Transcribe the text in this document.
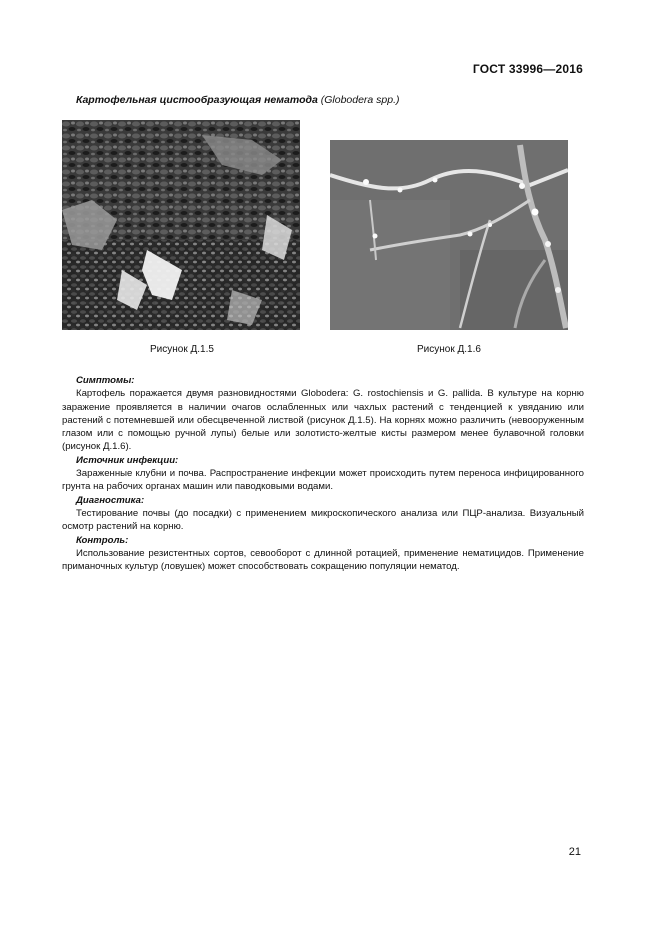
ГОСТ 33996—2016
Картофельная цистообразующая нематода (Globodera spp.)
Рисунок Д.1.5	Рисунок Д.1.6
Симптомы:

Картофель поражается двумя разновидностями Globodera: G. rostochiensis и G. pallida. В культуре на корню заражение проявляется в наличии очагов ослабленных или чахлых растений с тенденцией к увяданию или растений с потемневшей или обесцвеченной листвой (рисунок Д.1.5). На корнях можно различить (невооруженным глазом или с помощью ручной лупы) белые или золотисто-желтые кисты размером менее булавочной головки (рисунок Д.1.6).

Источник инфекции:

Зараженные клубни и почва. Распространение инфекции может происходить путем переноса инфицированного грунта на рабочих органах машин или паводковыми водами.

Диагностика:

Тестирование почвы (до посадки) с применением микроскопического анализа или ПЦР-анализа. Визуальный осмотр растений на корню.

Контроль:

Использование резистентных сортов, севооборот с длинной ротацией, применение нематицидов. Применение приманочных культур (ловушек) может способствовать сокращению популяции нематод.

21
